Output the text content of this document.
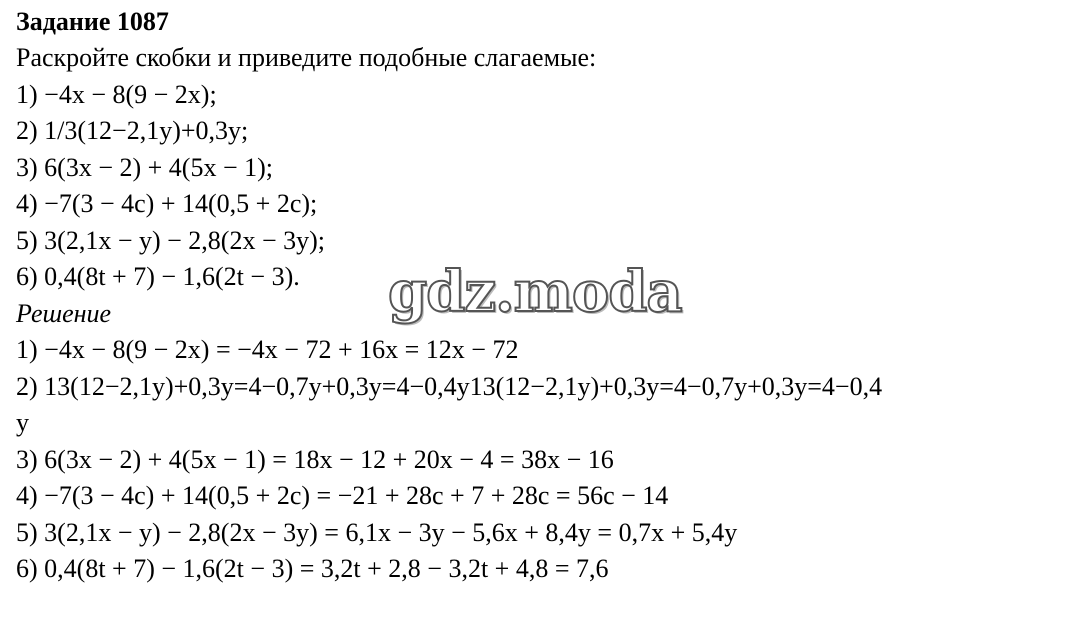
Задание 1087
Раскройте скобки и приведите подобные слагаемые:
1) −4x − 8(9 − 2x);
2) 1/3(12−2,1y)+0,3y;
3) 6(3x − 2) + 4(5x − 1);
4) −7(3 − 4c) + 14(0,5 + 2c);
5) 3(2,1x − y) − 2,8(2x − 3y);
6) 0,4(8t + 7) − 1,6(2t − 3).
Решение
1) −4x − 8(9 − 2x) = −4x − 72 + 16x = 12x − 72
2) 13(12−2,1y)+0,3y=4−0,7y+0,3y=4−0,4y13(12−2,1y)+0,3y=4−0,7y+0,3y=4−0,4
y
3) 6(3x − 2) + 4(5x − 1) = 18x − 12 + 20x − 4 = 38x − 16
4) −7(3 − 4c) + 14(0,5 + 2c) = −21 + 28c + 7 + 28c = 56c − 14
5) 3(2,1x − y) − 2,8(2x − 3y) = 6,1x − 3y − 5,6x + 8,4y = 0,7x + 5,4y
6) 0,4(8t + 7) − 1,6(2t − 3) = 3,2t + 2,8 − 3,2t + 4,8 = 7,6
gdz.moda
